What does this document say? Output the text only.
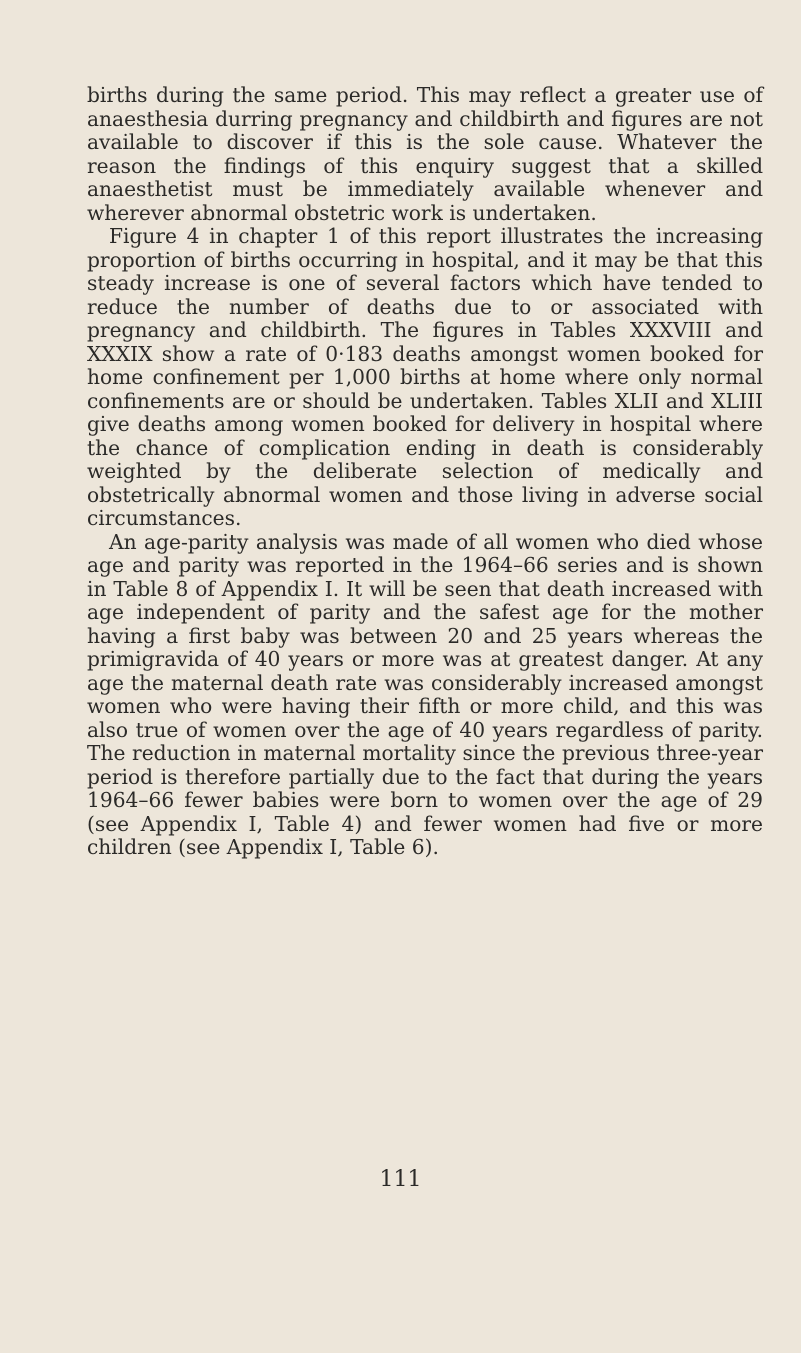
births during the same period. This may reflect a greater use of anaesthesia durring pregnancy and childbirth and figures are not available to discover if this is the sole cause. Whatever the reason the findings of this enquiry suggest that a skilled anaesthetist must be immediately available whenever and wherever abnormal obstetric work is undertaken.

Figure 4 in chapter 1 of this report illustrates the increasing proportion of births occurring in hospital, and it may be that this steady increase is one of several factors which have tended to reduce the number of deaths due to or associated with pregnancy and childbirth. The figures in Tables XXXVIII and XXXIX show a rate of 0·183 deaths amongst women booked for home confinement per 1,000 births at home where only normal confinements are or should be undertaken. Tables XLII and XLIII give deaths among women booked for delivery in hospital where the chance of complication ending in death is considerably weighted by the deliberate selection of medically and obstetrically abnormal women and those living in adverse social circumstances.

An age-parity analysis was made of all women who died whose age and parity was reported in the 1964–66 series and is shown in Table 8 of Appendix I. It will be seen that death increased with age independent of parity and the safest age for the mother having a first baby was between 20 and 25 years whereas the primigravida of 40 years or more was at greatest danger. At any age the maternal death rate was considerably increased amongst women who were having their fifth or more child, and this was also true of women over the age of 40 years regardless of parity. The reduction in maternal mortality since the previous three-year period is therefore partially due to the fact that during the years 1964–66 fewer babies were born to women over the age of 29 (see Appendix I, Table 4) and fewer women had five or more children (see Appendix I, Table 6).

111
